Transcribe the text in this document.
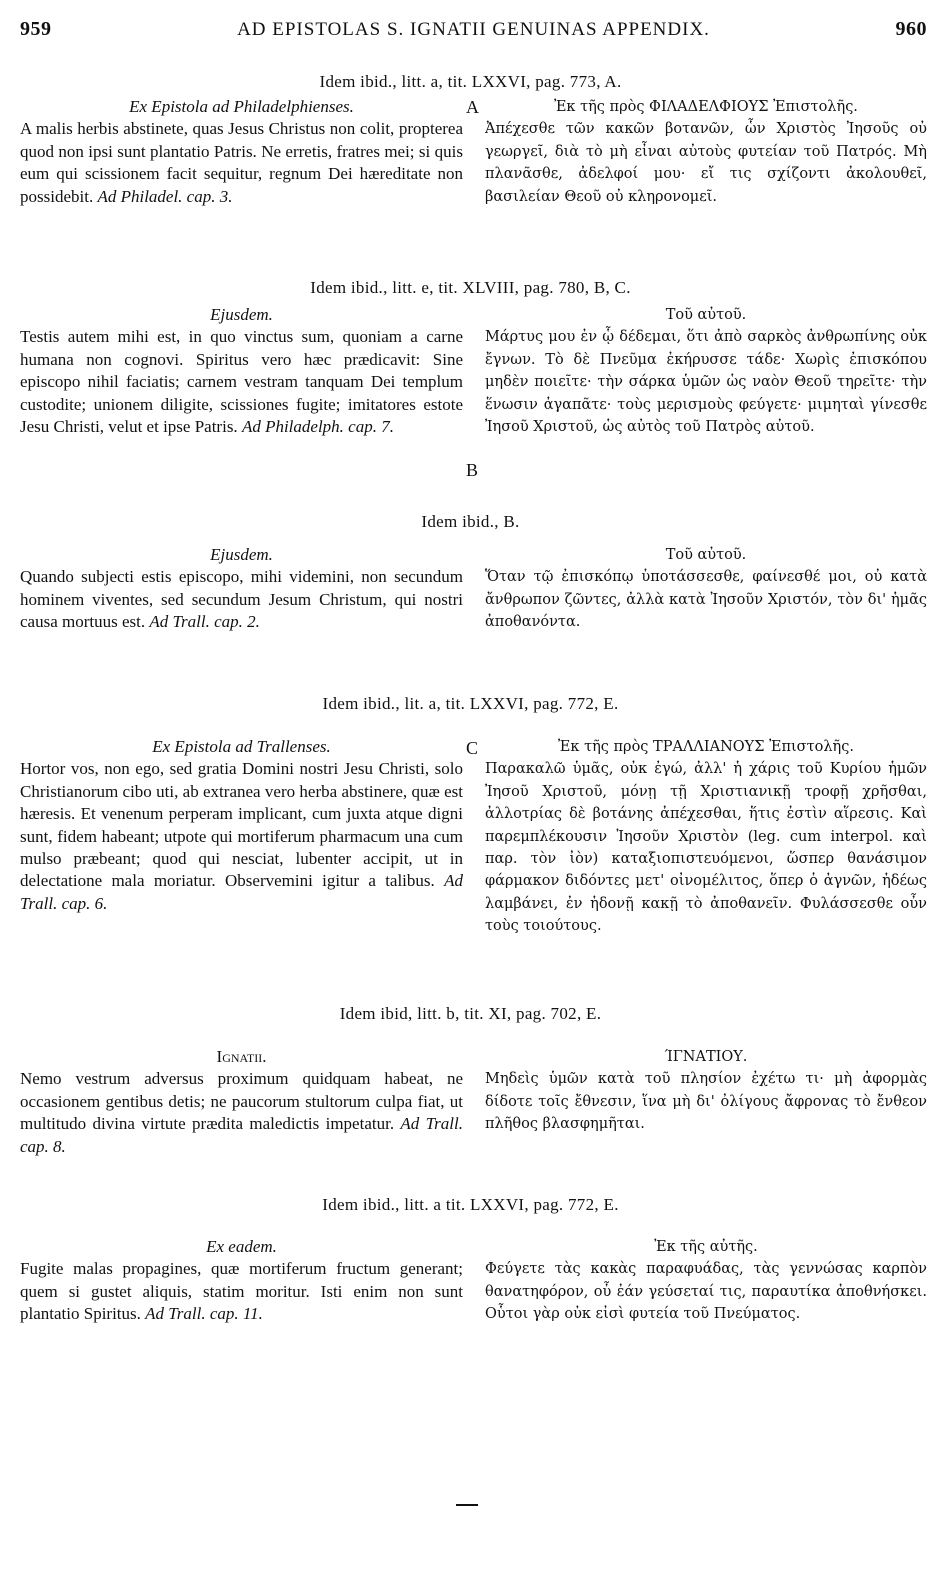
959	AD EPISTOLAS S. IGNATII GENUINAS APPENDIX.	960
Idem ibid., litt. a, tit. LXXVI, pag. 773, A.
Ex Epistola ad Philadelphienses.
A malis herbis abstinete, quas Jesus Christus non colit, propterea quod non ipsi sunt plantatio Patris. Ne erretis, fratres mei; si quis eum qui scissionem facit sequitur, regnum Dei hæreditate non possidebit. Ad Philadel. cap. 3.
A	Ἐκ τῆς πρὸς ΦΙΛΑΔΕΛΦΙΟΥΣ Ἐπιστολῆς.
Ἀπέχεσθε τῶν κακῶν βοτανῶν, ὧν Χριστὸς Ἰησοῦς οὐ γεωργεῖ, διὰ τὸ μὴ εἶναι αὐτοὺς φυτείαν τοῦ Πατρός. Μὴ πλανᾶσθε, ἀδελφοί μου· εἴ τις σχίζοντι ἀκολουθεῖ, βασιλείαν Θεοῦ οὐ κληρονομεῖ.
Idem ibid., litt. e, tit. XLVIII, pag. 780, B, C.
Ejusdem.
Testis autem mihi est, in quo vinctus sum, quoniam a carne humana non cognovi. Spiritus vero hæc prædicavit: Sine episcopo nihil faciatis; carnem vestram tanquam Dei templum custodite; unionem diligite, scissiones fugite; imitatores estote Jesu Christi, velut et ipse Patris. Ad Philadelph. cap. 7.
B
Τοῦ αὐτοῦ.
Μάρτυς μου ἐν ᾧ δέδεμαι, ὅτι ἀπὸ σαρκὸς ἀνθρωπίνης οὐκ ἔγνων. Τὸ δὲ Πνεῦμα ἐκήρυσσε τάδε· Χωρὶς ἐπισκόπου μηδὲν ποιεῖτε· τὴν σάρκα ὑμῶν ὡς ναὸν Θεοῦ τηρεῖτε· τὴν ἕνωσιν ἀγαπᾶτε· τοὺς μερισμοὺς φεύγετε· μιμηταὶ γίνεσθε Ἰησοῦ Χριστοῦ, ὡς αὐτὸς τοῦ Πατρὸς αὐτοῦ.
Idem ibid., B.
Ejusdem.
Quando subjecti estis episcopo, mihi videmini, non secundum hominem viventes, sed secundum Jesum Christum, qui nostri causa mortuus est. Ad Trall. cap. 2.
Τοῦ αὐτοῦ.
Ὅταν τῷ ἐπισκόπῳ ὑποτάσσεσθε, φαίνεσθέ μοι, οὐ κατὰ ἄνθρωπον ζῶντες, ἀλλὰ κατὰ Ἰησοῦν Χριστόν, τὸν δι' ἡμᾶς ἀποθανόντα.
Idem ibid., lit. a, tit. LXXVI, pag. 772, E.
Ex Epistola ad Trallenses.
Hortor vos, non ego, sed gratia Domini nostri Jesu Christi, solo Christianorum cibo uti, ab extranea vero herba abstinere, quæ est hæresis. Et venenum perperam implicant, cum juxta atque digni sunt, fidem habeant; utpote qui mortiferum pharmacum una cum mulso præbeant; quod qui nesciat, lubenter accipit, ut in delectatione mala moriatur. Observemini igitur a talibus. Ad Trall. cap. 6.
C	Ἐκ τῆς πρὸς ΤΡΑΛΛΙΑΝΟΥΣ Ἐπιστολῆς.
Παρακαλῶ ὑμᾶς, οὐκ ἐγώ, ἀλλ' ἡ χάρις τοῦ Κυρίου ἡμῶν Ἰησοῦ Χριστοῦ, μόνῃ τῇ Χριστιανικῇ τροφῇ χρῆσθαι, ἀλλοτρίας δὲ βοτάνης ἀπέχεσθαι, ἥτις ἐστὶν αἵρεσις. Καὶ παρεμπλέκουσιν Ἰησοῦν Χριστὸν (leg. cum interpol. καὶ παρ. τὸν ἰὸν) καταξιοπιστευόμενοι, ὥσπερ θανάσιμον φάρμακον διδόντες μετ' οἰνομέλιτος, ὅπερ ὁ ἀγνῶν, ἡδέως λαμβάνει, ἐν ἡδονῇ κακῇ τὸ ἀποθανεῖν. Φυλάσσεσθε οὖν τοὺς τοιούτους.
Idem ibid, litt. b, tit. XI, pag. 702, E.
Ignatii.
Nemo vestrum adversus proximum quidquam habeat, ne occasionem gentibus detis; ne paucorum stultorum culpa fiat, ut multitudo divina virtute prædita maledictis impetatur. Ad Trall. cap. 8.
ΊΓΝΑΤΙΟΥ.
Μηδεὶς ὑμῶν κατὰ τοῦ πλησίον ἐχέτω τι· μὴ ἀφορμὰς δίδοτε τοῖς ἔθνεσιν, ἵνα μὴ δι' ὀλίγους ἄφρονας τὸ ἔνθεον πλῆθος βλασφημῆται.
Idem ibid., litt. a tit. LXXVI, pag. 772, E.
Ex eadem.
Fugite malas propagines, quæ mortiferum fructum generant; quem si gustet aliquis, statim moritur. Isti enim non sunt plantatio Spiritus. Ad Trall. cap. 11.
Ἐκ τῆς αὐτῆς.
Φεύγετε τὰς κακὰς παραφυάδας, τὰς γεννώσας καρπὸν θανατηφόρον, οὗ ἐάν γεύσεταί τις, παραυτίκα ἀποθνήσκει. Οὗτοι γὰρ οὐκ εἰσὶ φυτεία τοῦ Πνεύματος.
